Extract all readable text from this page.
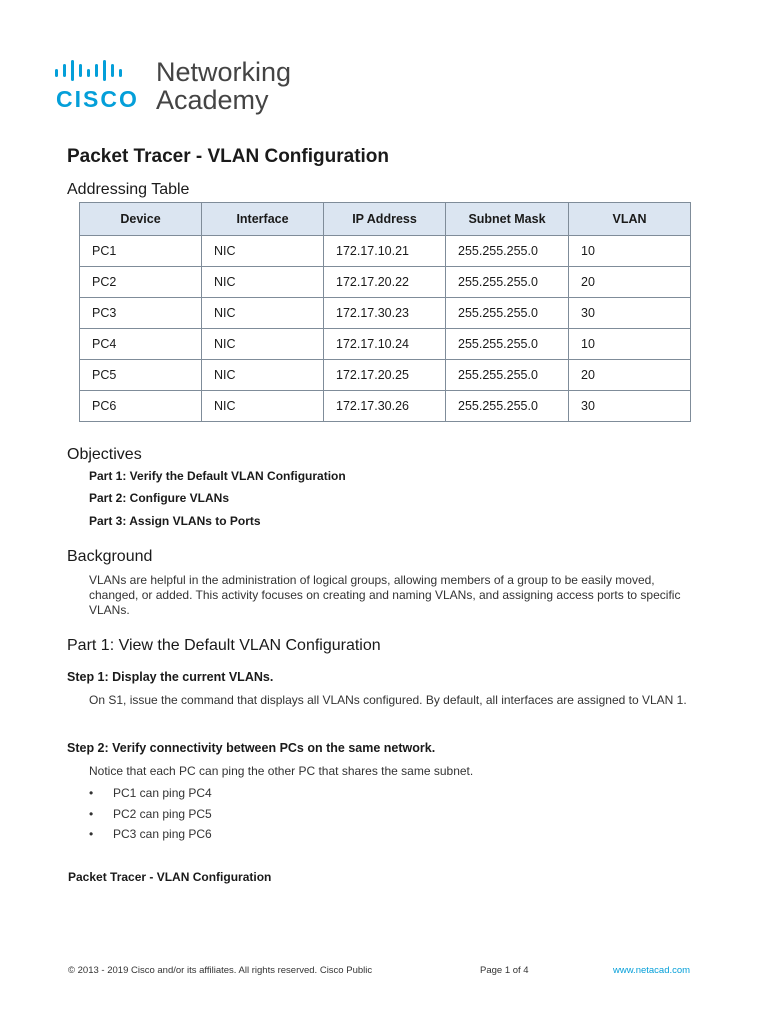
CISCO
Networking
Academy
Packet Tracer - VLAN Configuration
Addressing Table
Device	Interface	IP Address	Subnet Mask	VLAN
PC1	NIC	172.17.10.21	255.255.255.0	10
PC2	NIC	172.17.20.22	255.255.255.0	20
PC3	NIC	172.17.30.23	255.255.255.0	30
PC4	NIC	172.17.10.24	255.255.255.0	10
PC5	NIC	172.17.20.25	255.255.255.0	20
PC6	NIC	172.17.30.26	255.255.255.0	30
Objectives

Part 1: Verify the Default VLAN Configuration

Part 2: Configure VLANs

Part 3: Assign VLANs to Ports

Background

VLANs are helpful in the administration of logical groups, allowing members of a group to be easily moved, changed, or added. This activity focuses on creating and naming VLANs, and assigning access ports to specific VLANs.

Part 1: View the Default VLAN Configuration

Step 1: Display the current VLANs.

On S1, issue the command that displays all VLANs configured. By default, all interfaces are assigned to VLAN 1.

Step 2: Verify connectivity between PCs on the same network.

Notice that each PC can ping the other PC that shares the same subnet.

• PC1 can ping PC4
• PC2 can ping PC5
• PC3 can ping PC6
Packet Tracer - VLAN Configuration
© 2013 - 2019 Cisco and/or its affiliates. All rights reserved. Cisco Public	Page 1 of 4	www.netacad.com
